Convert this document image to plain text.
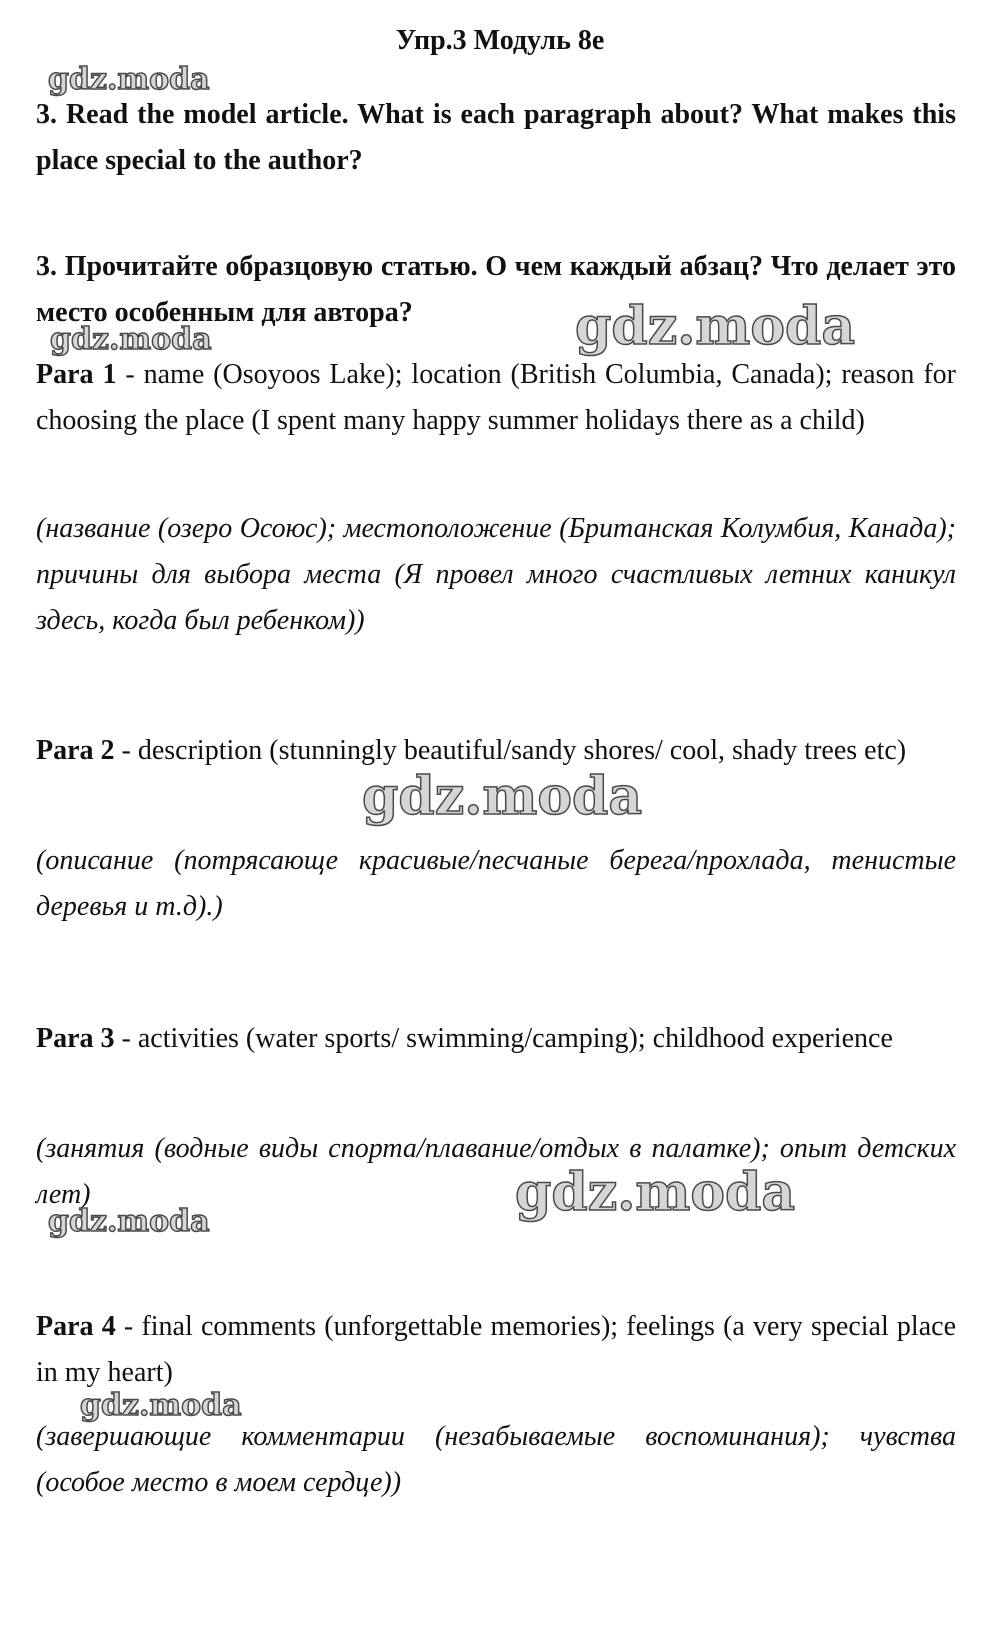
Упр.3 Модуль 8е
3. Read the model article. What is each paragraph about? What makes this place special to the author?
3. Прочитайте образцовую статью. О чем каждый абзац? Что делает это место особенным для автора?
Para 1 - name (Osoyoos Lake); location (British Columbia, Canada); reason for choosing the place (I spent many happy summer holidays there as a child)
(название (озеро Осоюс); местоположение (Британская Колумбия, Канада); причины для выбора места (Я провел много счастливых летних каникул здесь, когда был ребенком))
Para 2 - description (stunningly beautiful/sandy shores/ cool, shady trees etc)
(описание (потрясающе красивые/песчаные берега/прохлада, тенистые деревья и т.д).)
Para 3 - activities (water sports/ swimming/camping); childhood experience
(занятия (водные виды спорта/плавание/отдых в палатке); опыт детских лет)
Para 4 - final comments (unforgettable memories); feelings (a very special place in my heart)
(завершающие комментарии (незабываемые воспоминания); чувства (особое место в моем сердце))
gdz.moda
gdz.moda	gdz.moda
gdz.moda
gdz.moda
gdz.moda
gdz.moda
